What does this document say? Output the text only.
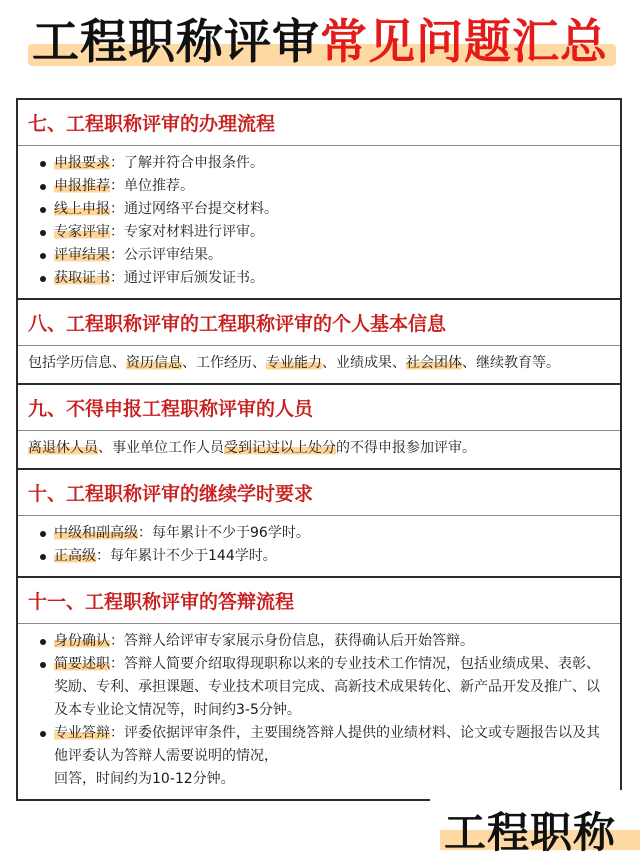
工程职称评审常见问题汇总
七、工程职称评审的办理流程
申报要求：了解并符合申报条件。
申报推荐：单位推荐。
线上申报：通过网络平台提交材料。
专家评审：专家对材料进行评审。
评审结果：公示评审结果。
获取证书：通过评审后颁发证书。
八、工程职称评审的工程职称评审的个人基本信息
包括学历信息、资历信息、工作经历、专业能力、业绩成果、社会团体、继续教育等。
九、不得申报工程职称评审的人员
离退休人员、事业单位工作人员受到记过以上处分的不得申报参加评审。
十、工程职称评审的继续学时要求
中级和副高级：每年累计不少于96学时。
正高级：每年累计不少于144学时。
十一、工程职称评审的答辩流程
身份确认：答辩人给评审专家展示身份信息，获得确认后开始答辩。
简要述职：答辩人简要介绍取得现职称以来的专业技术工作情况，包括业绩成果、表彰、奖励、专利、承担课题、专业技术项目完成、高新技术成果转化、新产品开发及推广、以及本专业论文情况等，时间约3-5分钟。
专业答辩：评委依据评审条件，主要围绕答辩人提供的业绩材料、论文或专题报告以及其他评委认为答辩人需要说明的情况，
回答，时间约为10-12分钟。
工程职称
